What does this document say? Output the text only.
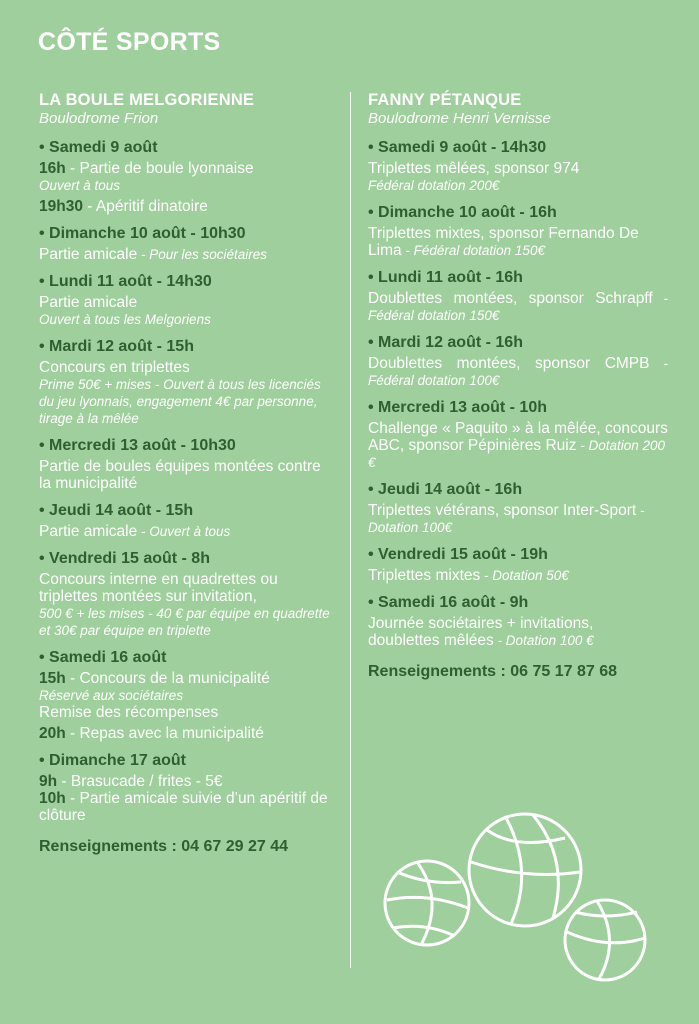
CÔTÉ SPORTS
LA BOULE MELGORIENNE
Boulodrome Frion
• Samedi 9 août
16h - Partie de boule lyonnaise
Ouvert à tous
19h30 - Apéritif dinatoire
• Dimanche 10 août - 10h30
Partie amicale - Pour les sociétaires
• Lundi 11 août - 14h30
Partie amicale
Ouvert à tous les Melgoriens
• Mardi 12 août - 15h
Concours en triplettes
Prime 50€ + mises - Ouvert à tous les licenciés du jeu lyonnais, engagement 4€ par personne, tirage à la mêlée
• Mercredi 13 août - 10h30
Partie de boules équipes montées contre la municipalité
• Jeudi 14 août - 15h
Partie amicale - Ouvert à tous
• Vendredi 15 août - 8h
Concours interne en quadrettes ou triplettes montées sur invitation,
500 € + les mises - 40 € par équipe en quadrette et 30€ par équipe en triplette
• Samedi 16 août
15h - Concours de la municipalité
Réservé aux sociétaires
Remise des récompenses
20h - Repas avec la municipalité
• Dimanche 17 août
9h - Brasucade / frites - 5€
10h - Partie amicale suivie d’un apéritif de clôture
Renseignements : 04 67 29 27 44
FANNY PÉTANQUE
Boulodrome Henri Vernisse
• Samedi 9 août - 14h30
Triplettes mêlées, sponsor 974
Fédéral dotation 200€
• Dimanche 10 août - 16h
Triplettes mixtes, sponsor Fernando De Lima - Fédéral dotation 150€
• Lundi 11 août - 16h
Doublettes montées, sponsor Schrapff - Fédéral dotation 150€
• Mardi 12 août - 16h
Doublettes montées, sponsor CMPB - Fédéral dotation 100€
• Mercredi 13 août - 10h
Challenge « Paquito » à la mêlée, concours ABC, sponsor Pépinières Ruiz - Dotation 200 €
• Jeudi 14 août - 16h
Triplettes vétérans, sponsor Inter-Sport - Dotation 100€
• Vendredi 15 août - 19h
Triplettes mixtes - Dotation 50€
• Samedi 16 août - 9h
Journée sociétaires + invitations, doublettes mêlées - Dotation 100 €
Renseignements : 06 75 17 87 68
